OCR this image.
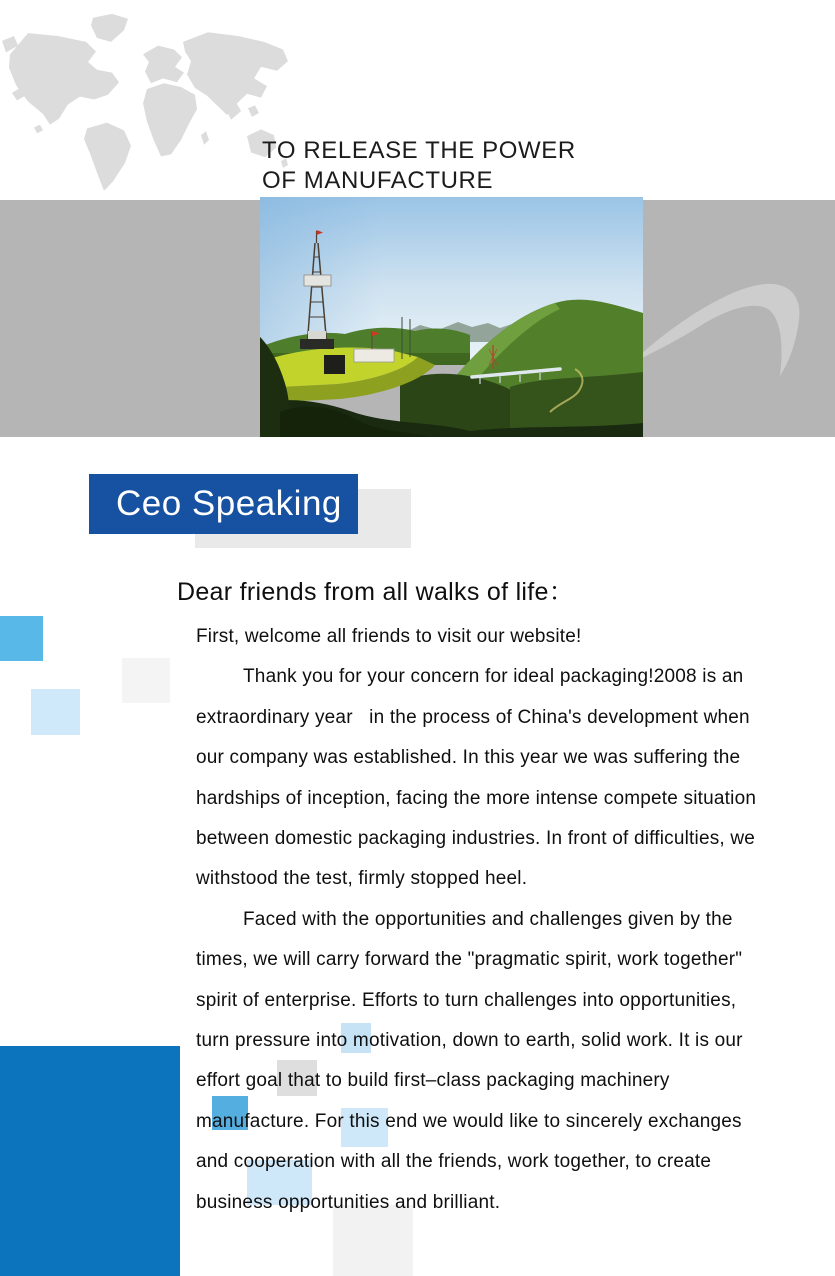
TO RELEASE THE POWER
OF MANUFACTURE
Ceo Speaking
Dear friends from all walks of life：
First, welcome all friends to visit our website!
Thank you for your concern for ideal packaging!2008 is an
extraordinary year   in the process of China's development when
our company was established. In this year we was suffering the
hardships of inception, facing the more intense compete situation
between domestic packaging industries. In front of difficulties, we
withstood the test, firmly stopped heel.
Faced with the opportunities and challenges given by the
times, we will carry forward the "pragmatic spirit, work together"
spirit of enterprise. Efforts to turn challenges into opportunities,
turn pressure into motivation, down to earth, solid work. It is our
effort goal that to build first–class packaging machinery
manufacture. For this end we would like to sincerely exchanges
and cooperation with all the friends, work together, to create
business opportunities and brilliant.
